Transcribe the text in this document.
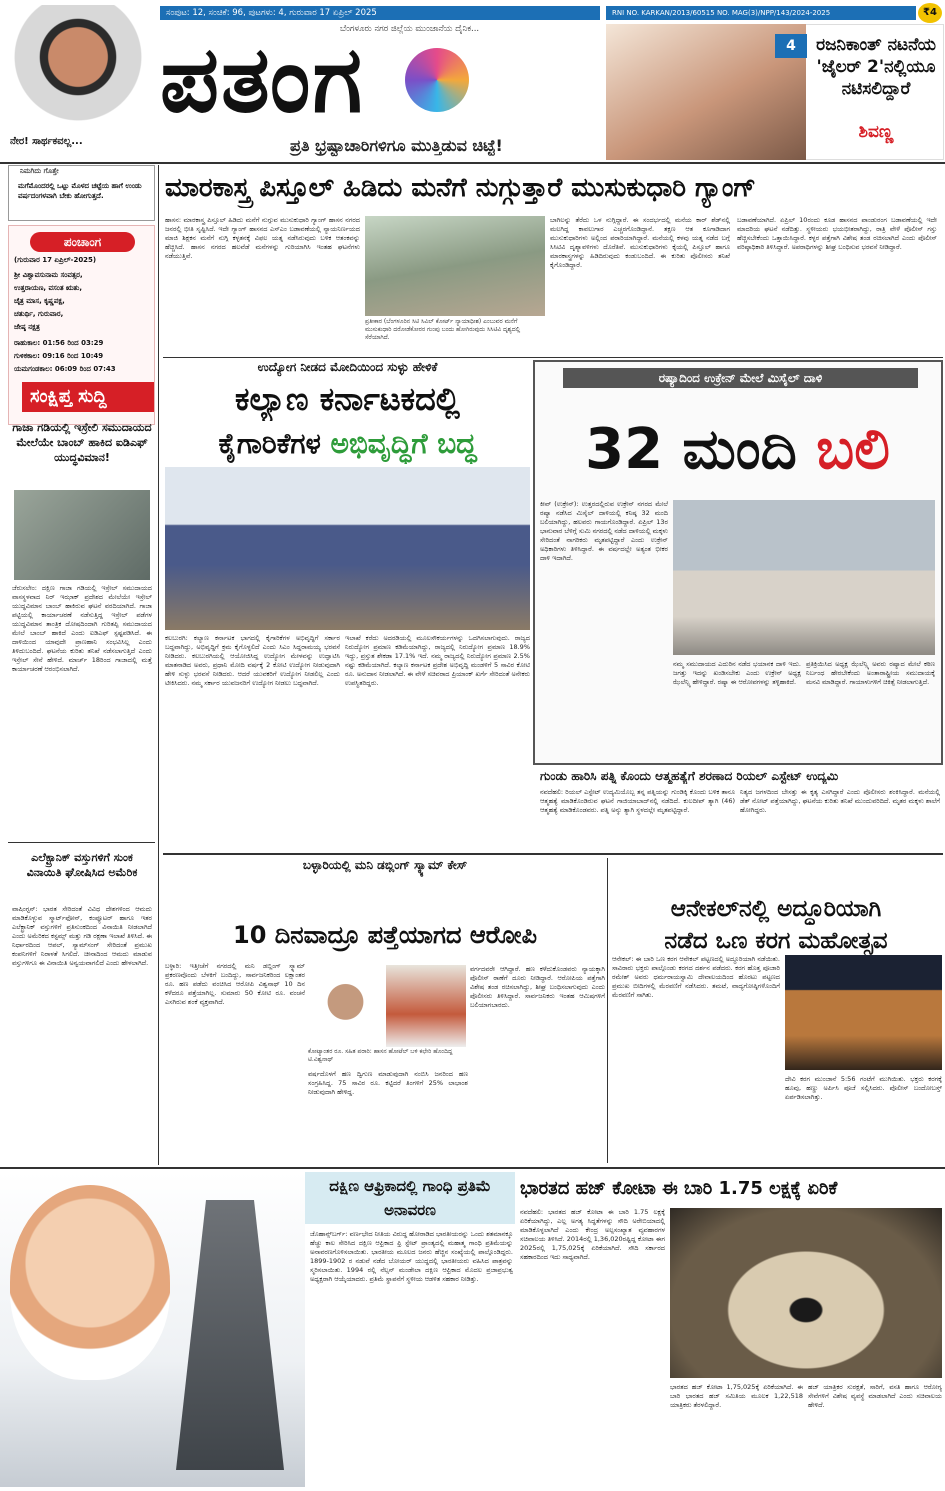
ನೇರ! ಸಾರ್ಥಕವಲ್ಲ...
ಸಂಪುಟ: 12, ಸಂಚಿಕೆ: 96, ಪುಟಗಳು: 4, ಗುರುವಾರ 17 ಏಪ್ರಿಲ್ 2025	RNI NO. KARKAN/2013/60515 NO. MAG(3)/NPP/143/2024-2025	₹4
ಬೆಂಗಳೂರು ನಗರ ಜಿಲ್ಲೆಯ ಮುಂಜಾನೆಯ ದೈನಿಕ...
ಪತಂಗ
ಪ್ರತಿ ಭ್ರಷ್ಟಾಚಾರಿಗಳಿಗೂ ಮುತ್ತಿಡುವ ಚಿಟ್ಟೆ!
4	ರಜನಿಕಾಂತ್ ನಟನೆಯ 'ಜೈಲರ್ 2'ನಲ್ಲಿಯೂ ನಟಿಸಲಿದ್ದಾರೆ
ಶಿವಣ್ಣ
ನಿಮಗಿದು ಗೊತ್ತೇ
ಮಗೆಮೊಂದರಲ್ಲಿ ಒಟ್ಟು ಮೊಳದ ಚಟ್ಟೆಯ ಹಾಗೆ ಉಂಡು ವರ್ಷದಂಗಳವಾಗಿ ಬೇಕು ಹೋಗುತ್ತದೆ.
ಪಂಚಾಂಗ
(ಗುರುವಾರ 17 ಏಪ್ರಿಲ್-2025)
ಶ್ರೀ ವಿಶ್ವಾವಸುನಾಮ ಸಂವತ್ಸರ,
ಉತ್ತರಾಯಣ, ವಸಂತ ಋತು,
ಚೈತ್ರ ಮಾಸ, ಕೃಷ್ಣಪಕ್ಷ,
ಚತುರ್ಥಿ, ಗುರುವಾರ,
ಜೇಷ್ಠ ನಕ್ಷತ್ರ
ರಾಹುಕಾಲ: 01:56 ರಿಂದ 03:29
ಗುಳಿಕಕಾಲ: 09:16 ರಿಂದ 10:49
ಯಮಗಂಡಕಾಲ: 06:09 ರಿಂದ 07:43
ಸಂಕ್ಷಿಪ್ತ ಸುದ್ದಿ
ಗಾಜಾ ಗಡಿಯಲ್ಲಿ ಇಸ್ರೇಲಿ ಸಮುದಾಯದ ಮೇಲೆಯೇ ಬಾಂಬ್ ಹಾಕಿದ ಐಡಿಎಫ್ ಯುದ್ಧವಿಮಾನ!
ಜೆರುಸಲೇಂ: ದಕ್ಷಿಣ ಗಾಜಾ ಗಡಿಯಲ್ಲಿ ಇಸ್ರೇಲ್ ಸಮುದಾಯದ ವಾಸಸ್ಥಳವಾದ ನಿರ್ ಇಝಾಕ್ ಪ್ರದೇಶದ ಮೇಲೆಯೇ ಇಸ್ರೇಲ್ ಯುದ್ಧವಿಮಾನ ಬಾಂಬ್ ಹಾಕಿರುವ ಘಟನೆ ವರದಿಯಾಗಿದೆ. ಗಾಜಾ ಪಟ್ಟಿಯಲ್ಲಿ ಕಾರ್ಯಾಚರಣೆ ನಡೆಸುತ್ತಿದ್ದ ಇಸ್ರೇಲ್ ಪಡೆಗಳ ಯುದ್ಧವಿಮಾನ ತಾಂತ್ರಿಕ ದೋಷದಿಂದಾಗಿ ಗುರಿತಪ್ಪಿ ಸಮುದಾಯದ ಮೇಲೆ ಬಾಂಬ್ ಹಾಕಿದೆ ಎಂದು ಐಡಿಎಫ್ ಸ್ಪಷ್ಟಪಡಿಸಿದೆ. ಈ ದಾಳಿಯಿಂದ ಯಾವುದೇ ಪ್ರಾಣಹಾನಿ ಸಂಭವಿಸಿಲ್ಲ ಎಂದು ತಿಳಿದುಬಂದಿದೆ. ಘಟನೆಯ ಕುರಿತು ತನಿಖೆ ನಡೆಸಲಾಗುತ್ತಿದೆ ಎಂದು ಇಸ್ರೇಲ್ ಸೇನೆ ಹೇಳಿದೆ. ಮಾರ್ಚ್ 18ರಿಂದ ಗಾಜಾದಲ್ಲಿ ಮತ್ತೆ ಕಾರ್ಯಾಚರಣೆ ಆರಂಭಿಸಲಾಗಿದೆ.
ಎಲೆಕ್ಟ್ರಾನಿಕ್ ವಸ್ತುಗಳಿಗೆ ಸುಂಕ ವಿನಾಯಿತಿ ಘೋಷಿಸಿದ ಅಮೆರಿಕ
ವಾಷಿಂಗ್ಟನ್: ಭಾರತ ಸೇರಿದಂತೆ ವಿವಿಧ ದೇಶಗಳಿಂದ ಆಮದು ಮಾಡಿಕೊಳ್ಳುವ ಸ್ಮಾರ್ಟ್‌ಫೋನ್, ಕಂಪ್ಯೂಟರ್ ಹಾಗೂ ಇತರ ಎಲೆಕ್ಟ್ರಾನಿಕ್ ವಸ್ತುಗಳಿಗೆ ಪ್ರತಿಸುಂಕದಿಂದ ವಿನಾಯಿತಿ ನೀಡಲಾಗಿದೆ ಎಂದು ಅಮೆರಿಕದ ಕಸ್ಟಮ್ಸ್ ಮತ್ತು ಗಡಿ ರಕ್ಷಣಾ ಇಲಾಖೆ ತಿಳಿಸಿದೆ. ಈ ನಿರ್ಧಾರದಿಂದ ಆಪಲ್, ಸ್ಯಾಮ್‌ಸಂಗ್ ಸೇರಿದಂತೆ ಪ್ರಮುಖ ಕಂಪನಿಗಳಿಗೆ ನಿರಾಳತೆ ಸಿಗಲಿದೆ. ಚೀನಾದಿಂದ ಆಮದು ಮಾಡುವ ವಸ್ತುಗಳಿಗೂ ಈ ವಿನಾಯಿತಿ ಅನ್ವಯವಾಗಲಿದೆ ಎಂದು ಹೇಳಲಾಗಿದೆ.
ಮಾರಕಾಸ್ತ್ರ ಪಿಸ್ತೂಲ್ ಹಿಡಿದು ಮನೆಗೆ ನುಗ್ಗುತ್ತಾರೆ ಮುಸುಕುಧಾರಿ ಗ್ಯಾಂಗ್
ಹಾಸನ: ಮಾರಕಾಸ್ತ್ರ ಪಿಸ್ತೂಲ್ ಹಿಡಿದು ಮನೆಗೆ ನುಗ್ಗುವ ಮುಸುಕುಧಾರಿ ಗ್ಯಾಂಗ್ ಹಾಸನ ನಗರದ ಜನರಲ್ಲಿ ಭೀತಿ ಸೃಷ್ಟಿಸಿದೆ. ಇದೇ ಗ್ಯಾಂಗ್ ಹಾಸನದ ಎಸ್‌ಎಂ ಬಡಾವಣೆಯಲ್ಲಿ ನ್ಯಾಯನಿರ್ಣಯದ ಮಾಜಿ ಶಿಕ್ಷಕನ ಮನೆಗೆ ನುಗ್ಗಿ ಕಳ್ಳತನಕ್ಕೆ ವಿಫಲ ಯತ್ನ ನಡೆಸಿರುವುದು ಬಳಿಕ ಆತಂಕವನ್ನು ಹೆಚ್ಚಿಸಿದೆ. ಹಾಸನ ನಗರದ ಹಲವೆಡೆ ಮನೆಗಳನ್ನು ಗುರಿಯಾಗಿಸಿ ಇಂತಹ ಘಟನೆಗಳು ನಡೆಯುತ್ತಿವೆ.
ಪ್ರತೀಕಾರ (ಬೆಂಗಳೂರಿನ ಸಿಟಿ ಸಿವಿಲ್ ಕೋರ್ಟ್ ನ್ಯಾಯಾಧೀಶ) ಎಂಬುವರ ಮನೆಗೆ ಮುಸುಕುಧಾರಿ ದರೋಡೆಕೋರರ ಗುಂಪು ಬಂದು ಹೋಗಿರುವುದು ಸಿಸಿಟಿವಿ ದೃಶ್ಯದಲ್ಲಿ ಸೆರೆಯಾಗಿದೆ.
ಬಾಗಿಲನ್ನು ತೆರೆದು ಒಳ ನುಗ್ಗಿದ್ದಾರೆ. ಈ ಸಂದರ್ಭದಲ್ಲಿ ಮನೆಯ ಕಾರ್ ಶೆಡ್‌ನಲ್ಲಿ ಮಲಗಿದ್ದ ಕಾವಲುಗಾರ ಎಚ್ಚರಗೊಂಡಿದ್ದಾನೆ. ತಕ್ಷಣ ಆತ ಕೂಗಾಡಿದಾಗ ಮುಸುಕುಧಾರಿಗಳು ಅಲ್ಲಿಂದ ಪರಾರಿಯಾಗಿದ್ದಾರೆ. ಮನೆಯಲ್ಲಿ ಕಳವು ಯತ್ನ ನಡೆದ ಬಗ್ಗೆ ಸಿಸಿಟಿವಿ ದೃಶ್ಯಾವಳಿಗಳು ದೊರೆತಿವೆ. ಮುಸುಕುಧಾರಿಗಳು ಕೈಯಲ್ಲಿ ಪಿಸ್ತೂಲ್ ಹಾಗೂ ಮಾರಕಾಸ್ತ್ರಗಳನ್ನು ಹಿಡಿದಿರುವುದು ಕಂಡುಬಂದಿದೆ. ಈ ಕುರಿತು ಪೊಲೀಸರು ತನಿಖೆ ಕೈಗೊಂಡಿದ್ದಾರೆ.
ಬಡಾವಣೆಯಾಗಿದೆ. ಏಪ್ರಿಲ್ 10ರಂದು ಕೂಡ ಹಾಸನದ ಪಾಂಡುರಂಗ ಬಡಾವಣೆಯಲ್ಲಿ ಇದೇ ಮಾದರಿಯ ಘಟನೆ ನಡೆದಿತ್ತು. ಸ್ಥಳೀಯರು ಭಯಭೀತರಾಗಿದ್ದು, ರಾತ್ರಿ ವೇಳೆ ಪೊಲೀಸ್ ಗಸ್ತು ಹೆಚ್ಚಿಸಬೇಕೆಂದು ಒತ್ತಾಯಿಸಿದ್ದಾರೆ. ಕಳ್ಳರ ಪತ್ತೆಗಾಗಿ ವಿಶೇಷ ತಂಡ ರಚಿಸಲಾಗಿದೆ ಎಂದು ಪೊಲೀಸ್ ವರಿಷ್ಠಾಧಿಕಾರಿ ತಿಳಿಸಿದ್ದಾರೆ. ಅಪರಾಧಿಗಳನ್ನು ಶೀಘ್ರ ಬಂಧಿಸುವ ಭರವಸೆ ನೀಡಿದ್ದಾರೆ.
ಉದ್ಯೋಗ ನೀಡದ ಮೋದಿಯಿಂದ ಸುಳ್ಳು ಹೇಳಿಕೆ
ಕಲ್ಯಾಣ ಕರ್ನಾಟಕದಲ್ಲಿ
ಕೈಗಾರಿಕೆಗಳ ಅಭಿವೃದ್ಧಿಗೆ ಬದ್ಧ
ಕಲಬುರಗಿ: ಕಲ್ಯಾಣ ಕರ್ನಾಟಕ ಭಾಗದಲ್ಲಿ ಕೈಗಾರಿಕೆಗಳ ಅಭಿವೃದ್ಧಿಗೆ ಸರ್ಕಾರ ಬದ್ಧವಾಗಿದ್ದು, ಅಭಿವೃದ್ಧಿಗೆ ಕ್ರಮ ಕೈಗೊಳ್ಳಲಿದೆ ಎಂದು ಸಿಎಂ ಸಿದ್ದರಾಮಯ್ಯ ಭರವಸೆ ನೀಡಿದರು. ಕಲಬುರಗಿಯಲ್ಲಿ ಆಯೋಜಿಸಿದ್ದ ಉದ್ಯೋಗ ಮೇಳವನ್ನು ಉದ್ಘಾಟಿಸಿ ಮಾತನಾಡಿದ ಅವರು, ಪ್ರಧಾನಿ ಮೋದಿ ವರ್ಷಕ್ಕೆ 2 ಕೋಟಿ ಉದ್ಯೋಗ ನೀಡುವುದಾಗಿ ಹೇಳಿ ಸುಳ್ಳು ಭರವಸೆ ನೀಡಿದರು. ಆದರೆ ಯುವಕರಿಗೆ ಉದ್ಯೋಗ ನೀಡಲಿಲ್ಲ ಎಂದು ಟೀಕಿಸಿದರು. ನಮ್ಮ ಸರ್ಕಾರ ಯುವಜನರಿಗೆ ಉದ್ಯೋಗ ನೀಡಲು ಬದ್ಧವಾಗಿದೆ.
ಇಲಾಖೆ ಕರೆದು ಅದರಡಿಯಲ್ಲಿ ಮೂಲಸೌಕರ್ಯಗಳನ್ನು ಒದಗಿಸಲಾಗುವುದು. ರಾಜ್ಯದ ನಿರುದ್ಯೋಗ ಪ್ರಮಾಣ ಕಡಿಮೆಯಾಗಿದ್ದು, ರಾಜ್ಯದಲ್ಲಿ ನಿರುದ್ಯೋಗ ಪ್ರಮಾಣ 18.9% ಇದ್ದು, ಪ್ರಸ್ತುತ ಶೇಕಡಾ 17.1% ಇದೆ. ನಮ್ಮ ರಾಜ್ಯದಲ್ಲಿ ನಿರುದ್ಯೋಗ ಪ್ರಮಾಣ 2.5% ನಷ್ಟು ಕಡಿಮೆಯಾಗಿದೆ. ಕಲ್ಯಾಣ ಕರ್ನಾಟಕ ಪ್ರದೇಶ ಅಭಿವೃದ್ಧಿ ಮಂಡಳಿಗೆ 5 ಸಾವಿರ ಕೋಟಿ ರೂ. ಅನುದಾನ ನೀಡಲಾಗಿದೆ. ಈ ವೇಳೆ ಸಚಿವರಾದ ಪ್ರಿಯಾಂಕ್ ಖರ್ಗೆ ಸೇರಿದಂತೆ ಅನೇಕರು ಉಪಸ್ಥಿತರಿದ್ದರು.
ರಷ್ಯಾದಿಂದ ಉಕ್ರೇನ್ ಮೇಲೆ ಮಿಸೈಲ್ ದಾಳಿ
32 ಮಂದಿ ಬಲಿ
ಕೀವ್ (ಉಕ್ರೇನ್): ಉತ್ತರದಲ್ಲಿರುವ ಉಕ್ರೇನ್ ನಗರದ ಮೇಲೆ ರಷ್ಯಾ ನಡೆಸಿದ ಮಿಸೈಲ್ ದಾಳಿಯಲ್ಲಿ ಕನಿಷ್ಠ 32 ಮಂದಿ ಬಲಿಯಾಗಿದ್ದು, ಹಲವರು ಗಾಯಗೊಂಡಿದ್ದಾರೆ. ಏಪ್ರಿಲ್ 13ರ ಭಾನುವಾರ ಬೆಳಿಗ್ಗೆ ಸುಮಿ ನಗರದಲ್ಲಿ ನಡೆದ ದಾಳಿಯಲ್ಲಿ ಮಕ್ಕಳು ಸೇರಿದಂತೆ ನಾಗರಿಕರು ಮೃತಪಟ್ಟಿದ್ದಾರೆ ಎಂದು ಉಕ್ರೇನ್ ಅಧಿಕಾರಿಗಳು ತಿಳಿಸಿದ್ದಾರೆ. ಈ ವರ್ಷದಲ್ಲೇ ಅತ್ಯಂತ ಭೀಕರ ದಾಳಿ ಇದಾಗಿದೆ.
ನಮ್ಮ ಸಮುದಾಯದ ಎದುರಿನ ನಡೆದ ಭಯಾನಕ ದಾಳಿ ಇದು. ಜಗತ್ತು ಇದನ್ನು ಖಂಡಿಸಬೇಕು ಎಂದು ಉಕ್ರೇನ್ ಅಧ್ಯಕ್ಷ ಝೆಲೆನ್ಸ್ಕಿ ಹೇಳಿದ್ದಾರೆ. ರಷ್ಯಾ ಈ ಆರೋಪಗಳನ್ನು ತಳ್ಳಿಹಾಕಿದೆ.
ಪ್ರತಿಕ್ರಿಯಿಸಿದ ಅಧ್ಯಕ್ಷ ಝೆಲೆನ್ಸ್ಕಿ ಅವರು ರಷ್ಯಾದ ಮೇಲೆ ಕಠಿಣ ನಿರ್ಬಂಧ ಹೇರಬೇಕೆಂದು ಅಂತಾರಾಷ್ಟ್ರೀಯ ಸಮುದಾಯಕ್ಕೆ ಮನವಿ ಮಾಡಿದ್ದಾರೆ. ಗಾಯಾಳುಗಳಿಗೆ ಚಿಕಿತ್ಸೆ ನೀಡಲಾಗುತ್ತಿದೆ.
ಗುಂಡು ಹಾರಿಸಿ ಪತ್ನಿ ಕೊಂದು ಆತ್ಮಹತ್ಯೆಗೆ ಶರಣಾದ ರಿಯಲ್ ಎಸ್ಟೇಟ್ ಉದ್ಯಮಿ
ನವದೆಹಲಿ: ರಿಯಲ್ ಎಸ್ಟೇಟ್ ಉದ್ಯಮಿಯೊಬ್ಬ ತನ್ನ ಪತ್ನಿಯನ್ನು ಗುಂಡಿಕ್ಕಿ ಕೊಂದು ಬಳಿಕ ತಾನೂ ಆತ್ಮಹತ್ಯೆ ಮಾಡಿಕೊಂಡಿರುವ ಘಟನೆ ಗಾಜಿಯಾಬಾದ್‌ನಲ್ಲಿ ನಡೆದಿದೆ. ಕುಲದೀಪ್ ತ್ಯಾಗಿ (46) ಆತ್ಮಹತ್ಯೆ ಮಾಡಿಕೊಂಡವರು. ಪತ್ನಿ ಅನ್ಶು ತ್ಯಾಗಿ ಸ್ಥಳದಲ್ಲೇ ಮೃತಪಟ್ಟಿದ್ದಾರೆ.
ನಿತ್ಯದ ಜಗಳದಿಂದ ಬೇಸತ್ತು ಈ ಕೃತ್ಯ ಎಸಗಿದ್ದಾರೆ ಎಂದು ಪೊಲೀಸರು ಶಂಕಿಸಿದ್ದಾರೆ. ಮನೆಯಲ್ಲಿ ಡೆತ್ ನೋಟ್ ಪತ್ತೆಯಾಗಿದ್ದು, ಘಟನೆಯ ಕುರಿತು ತನಿಖೆ ಮುಂದುವರಿದಿದೆ. ಮೃತರ ಮಕ್ಕಳು ಶಾಲೆಗೆ ಹೋಗಿದ್ದರು.
ಬಳ್ಳಾರಿಯಲ್ಲಿ ಮನಿ ಡಬ್ಲಿಂಗ್ ಸ್ಕ್ಯಾಮ್ ಕೇಸ್
10 ದಿನವಾದ್ರೂ ಪತ್ತೆಯಾಗದ ಆರೋಪಿ
ಬಳ್ಳಾರಿ: ಇತ್ತೀಚೆಗೆ ನಗರದಲ್ಲಿ ಮನಿ ಡಬ್ಲಿಂಗ್ ಸ್ಕ್ಯಾಮ್ ಪ್ರಕರಣವೊಂದು ಬೆಳಕಿಗೆ ಬಂದಿದ್ದು, ಸಾರ್ವಜನಿಕರಿಂದ ಲಕ್ಷಾಂತರ ರೂ. ಹಣ ಪಡೆದು ವಂಚಿಸಿದ ಆರೋಪಿ ವಿಶ್ವನಾಥ್ 10 ದಿನ ಕಳೆದರೂ ಪತ್ತೆಯಾಗಿಲ್ಲ. ಸುಮಾರು 50 ಕೋಟಿ ರೂ. ವಂಚನೆ ಎಸಗಿರುವ ಶಂಕೆ ವ್ಯಕ್ತವಾಗಿದೆ.
ಕೋಟ್ಯಾಂತರ ರೂ. ಸಹಿತ ಪರಾರಿ: ಹಾಸನ ಹೋಟೆಲ್ ಬಳಿ ಕಛೇರಿ ಹೊಂದಿದ್ದ ಟಿ.ವಿಶ್ವನಾಥ್
ವರ್ಷದೊಳಗೆ ಹಣ ದ್ವಿಗುಣ ಮಾಡುವುದಾಗಿ ನಂಬಿಸಿ ಜನರಿಂದ ಹಣ ಸಂಗ್ರಹಿಸಿದ್ದ. 75 ಸಾವಿರ ರೂ. ಕಟ್ಟಿದರೆ ತಿಂಗಳಿಗೆ 25% ಲಾಭಾಂಶ ನೀಡುವುದಾಗಿ ಹೇಳಿದ್ದ.
ವರ್ಗದವರೇ ಆಗಿದ್ದಾರೆ. ಹಣ ಕಳೆದುಕೊಂಡವರು ನ್ಯಾಯಕ್ಕಾಗಿ ಪೊಲೀಸ್ ಠಾಣೆಗೆ ದೂರು ನೀಡಿದ್ದಾರೆ. ಆರೋಪಿಯ ಪತ್ತೆಗಾಗಿ ವಿಶೇಷ ತಂಡ ರಚಿಸಲಾಗಿದ್ದು, ಶೀಘ್ರ ಬಂಧಿಸಲಾಗುವುದು ಎಂದು ಪೊಲೀಸರು ತಿಳಿಸಿದ್ದಾರೆ. ಸಾರ್ವಜನಿಕರು ಇಂತಹ ಆಮಿಷಗಳಿಗೆ ಬಲಿಯಾಗಬಾರದು.
ಆನೇಕಲ್‌ನಲ್ಲಿ ಅದ್ಧೂರಿಯಾಗಿ
ನಡೆದ ಒಣ ಕರಗ ಮಹೋತ್ಸವ
ಆನೇಕಲ್: ಈ ಬಾರಿ ಒಣ ಕರಗ ಆನೇಕಲ್ ಪಟ್ಟಣದಲ್ಲಿ ಅದ್ಧೂರಿಯಾಗಿ ನಡೆಯಿತು. ಸಾವಿರಾರು ಭಕ್ತರು ಪಾಲ್ಗೊಂಡು ಕರಗದ ದರ್ಶನ ಪಡೆದರು. ಕರಗ ಹೊತ್ತ ಪೂಜಾರಿ ರಮೇಶ್ ಅವರು ಧರ್ಮರಾಯಸ್ವಾಮಿ ದೇವಾಲಯದಿಂದ ಹೊರಟು ಪಟ್ಟಣದ ಪ್ರಮುಖ ಬೀದಿಗಳಲ್ಲಿ ಮೆರವಣಿಗೆ ನಡೆಸಿದರು. ತಮಟೆ, ವಾದ್ಯಗೋಷ್ಠಿಗಳೊಂದಿಗೆ ಮೆರವಣಿಗೆ ಸಾಗಿತು.
ದೇವಿ ಕರಗ ಮುಂಜಾನೆ 5:56 ಗಂಟೆಗೆ ಮುಗಿಯಿತು. ಭಕ್ತರು ಕರಗಕ್ಕೆ ಹೂವು, ಹಣ್ಣು ಅರ್ಪಿಸಿ ಪೂಜೆ ಸಲ್ಲಿಸಿದರು. ಪೊಲೀಸ್ ಬಂದೋಬಸ್ತ್ ಏರ್ಪಡಿಸಲಾಗಿತ್ತು.
ದಕ್ಷಿಣ ಆಫ್ರಿಕಾದಲ್ಲಿ ಗಾಂಧಿ ಪ್ರತಿಮೆ ಅನಾವರಣ
ಜೊಹಾನ್ಸ್‌ಬರ್ಗ್: ವರ್ಣಭೇದ ನೀತಿಯ ವಿರುದ್ಧ ಹೋರಾಡಿದ ಭಾರತೀಯರನ್ನು ಒಂದು ಶತಮಾನಕ್ಕೂ ಹೆಚ್ಚು ಕಾಲ ಸೇರಿಸಿದ ದಕ್ಷಿಣ ಆಫ್ರಿಕಾದ ಫ್ರಿ ಸ್ಟೇಟ್ ಪ್ರಾಂತ್ಯದಲ್ಲಿ ಮಹಾತ್ಮ ಗಾಂಧಿ ಪ್ರತಿಮೆಯನ್ನು ಅನಾವರಣಗೊಳಿಸಲಾಯಿತು. ಭಾರತೀಯ ಮೂಲದ ಜನರು ಹೆಚ್ಚಿನ ಸಂಖ್ಯೆಯಲ್ಲಿ ಪಾಲ್ಗೊಂಡಿದ್ದರು. 1899-1902 ರ ನಡುವೆ ನಡೆದ ಬೋಯರ್ ಯುದ್ಧದಲ್ಲಿ ಭಾರತೀಯರು ವಹಿಸಿದ ಪಾತ್ರವನ್ನು ಸ್ಮರಿಸಲಾಯಿತು. 1994 ರಲ್ಲಿ ನೆಲ್ಸನ್ ಮಂಡೇಲಾ ದಕ್ಷಿಣ ಆಫ್ರಿಕಾದ ಮೊದಲ ಪ್ರಜಾಪ್ರಭುತ್ವ ಅಧ್ಯಕ್ಷರಾಗಿ ಆಯ್ಕೆಯಾದರು. ಪ್ರತಿಮೆ ಸ್ಥಾಪನೆಗೆ ಸ್ಥಳೀಯ ಆಡಳಿತ ಸಹಕಾರ ನೀಡಿತ್ತು.
ಭಾರತದ ಹಜ್ ಕೋಟಾ ಈ ಬಾರಿ 1.75 ಲಕ್ಷಕ್ಕೆ ಏರಿಕೆ
ನವದೆಹಲಿ: ಭಾರತದ ಹಜ್ ಕೋಟಾ ಈ ಬಾರಿ 1.75 ಲಕ್ಷಕ್ಕೆ ಏರಿಕೆಯಾಗಿದ್ದು, ಎಲ್ಲ ಅಗತ್ಯ ಸಿದ್ಧತೆಗಳನ್ನು ಸೌದಿ ಅರೇಬಿಯಾದಲ್ಲಿ ಮಾಡಿಕೊಳ್ಳಲಾಗಿದೆ ಎಂದು ಕೇಂದ್ರ ಅಲ್ಪಸಂಖ್ಯಾತ ವ್ಯವಹಾರಗಳ ಸಚಿವಾಲಯ ತಿಳಿಸಿದೆ. 2014ರಲ್ಲಿ 1,36,020ರಷ್ಟಿದ್ದ ಕೋಟಾ ಈಗ 2025ರಲ್ಲಿ 1,75,025ಕ್ಕೆ ಏರಿಕೆಯಾಗಿದೆ. ಸೌದಿ ಸರ್ಕಾರದ ಸಹಕಾರದಿಂದ ಇದು ಸಾಧ್ಯವಾಗಿದೆ.
ಭಾರತದ ಹಜ್ ಕೋಟಾ 1,75,025ಕ್ಕೆ ಏರಿಕೆಯಾಗಿದೆ. ಈ ಬಾರಿ ಭಾರತದ ಹಜ್ ಸಮಿತಿಯ ಮೂಲಕ 1,22,518 ಯಾತ್ರಿಕರು ತೆರಳಲಿದ್ದಾರೆ.
ಹಜ್ ಯಾತ್ರಿಕರ ಸುರಕ್ಷತೆ, ಸಾರಿಗೆ, ವಸತಿ ಹಾಗೂ ಆರೋಗ್ಯ ಸೇವೆಗಳಿಗೆ ವಿಶೇಷ ವ್ಯವಸ್ಥೆ ಮಾಡಲಾಗಿದೆ ಎಂದು ಸಚಿವಾಲಯ ಹೇಳಿದೆ.
